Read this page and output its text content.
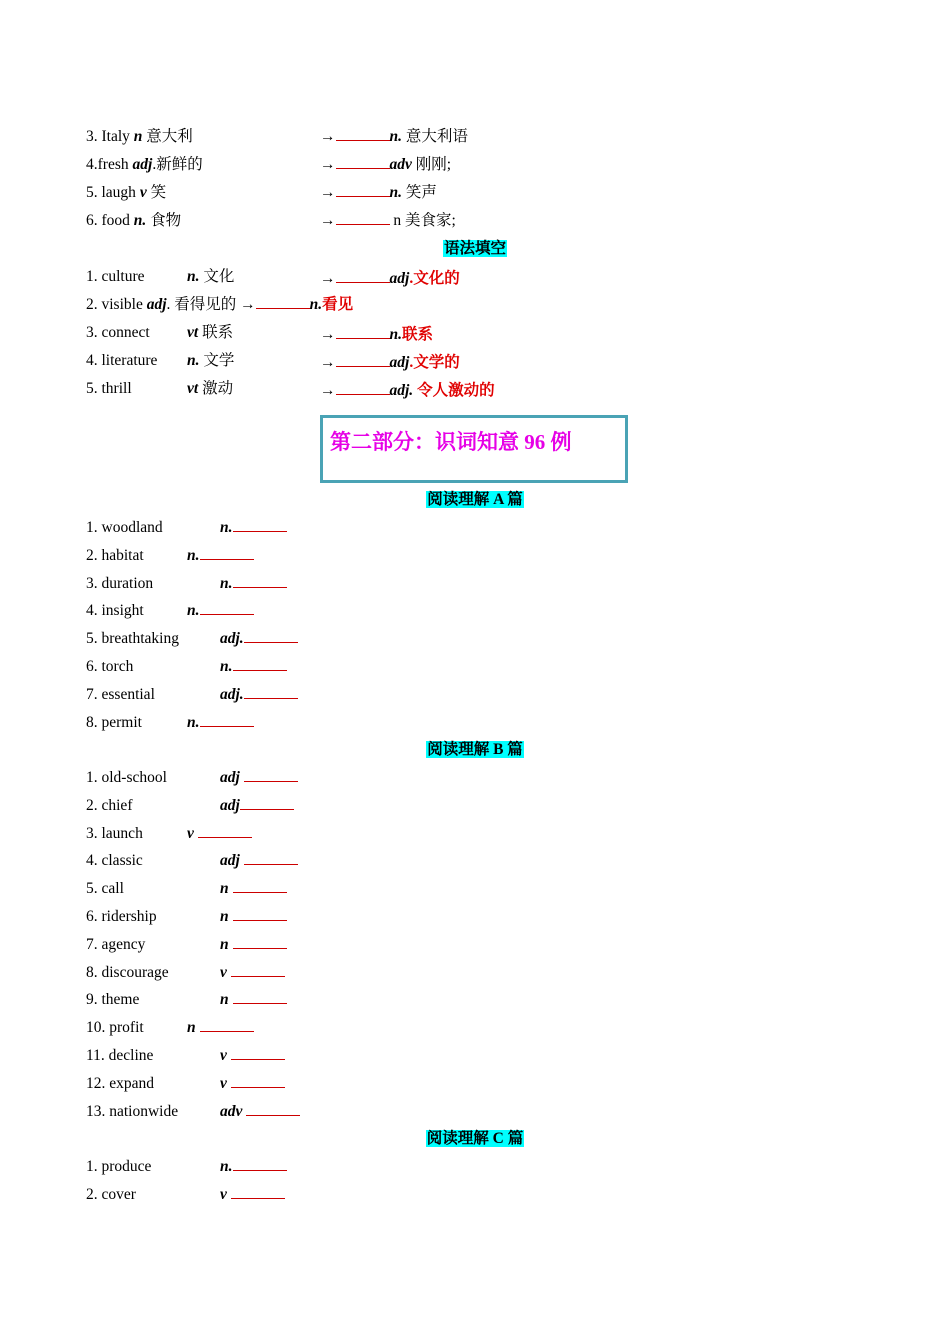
3. Italy n 意大利	→	n. 意大利语
4.fresh adj.新鲜的	→	adv 刚刚;
5. laugh v 笑	→	n. 笑声
6. food n. 食物	→	n 美食家;
语法填空
1. culture	n. 文化	→	adj.文化的
2. visible adj. 看得见的 →	n.看见
3. connect vt 联系	→	n.联系
4. literature n. 文学	→	adj.文学的
5. thrill	vt 激动	→	adj. 令人激动的
第二部分：识词知意 96 例
阅读理解 A 篇
1. woodland	n.
2. habitat	n.
3. duration	n.
4. insight	n.
5. breathtaking	adj.
6. torch	n.
7. essential	adj.
8. permit	n.
阅读理解 B 篇
1. old-school	adj
2. chief	adj
3. launch	v
4. classic	adj
5. call	n
6. ridership	n
7. agency	n
8. discourage	v
9. theme	n
10. profit	n
11. decline	v
12. expand	v
13. nationwide	adv
阅读理解 C 篇
1. produce	n.
2. cover	v
